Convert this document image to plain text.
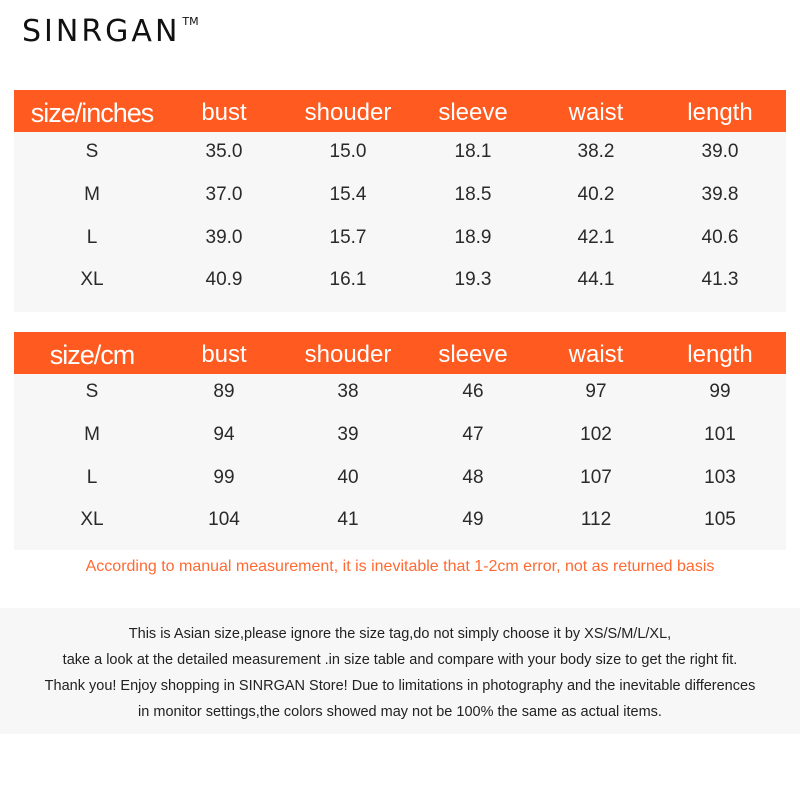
SINRGAN ™
size/inches	bust	shouder	sleeve	waist	length
S	35.0	15.0	18.1	38.2	39.0
M	37.0	15.4	18.5	40.2	39.8
L	39.0	15.7	18.9	42.1	40.6
XL	40.9	16.1	19.3	44.1	41.3
size/cm	bust	shouder	sleeve	waist	length
S	89	38	46	97	99
M	94	39	47	102	101
L	99	40	48	107	103
XL	104	41	49	112	105
According to manual measurement, it is inevitable that 1-2cm error, not as returned basis
This is Asian size,please ignore the size tag,do not simply choose it by XS/S/M/L/XL,
take a look at the detailed measurement .in size table and compare with your body size to get the right fit.
Thank you! Enjoy shopping in SINRGAN Store! Due to limitations in photography and the inevitable differences
in monitor settings,the colors showed may not be 100% the same as actual items.
